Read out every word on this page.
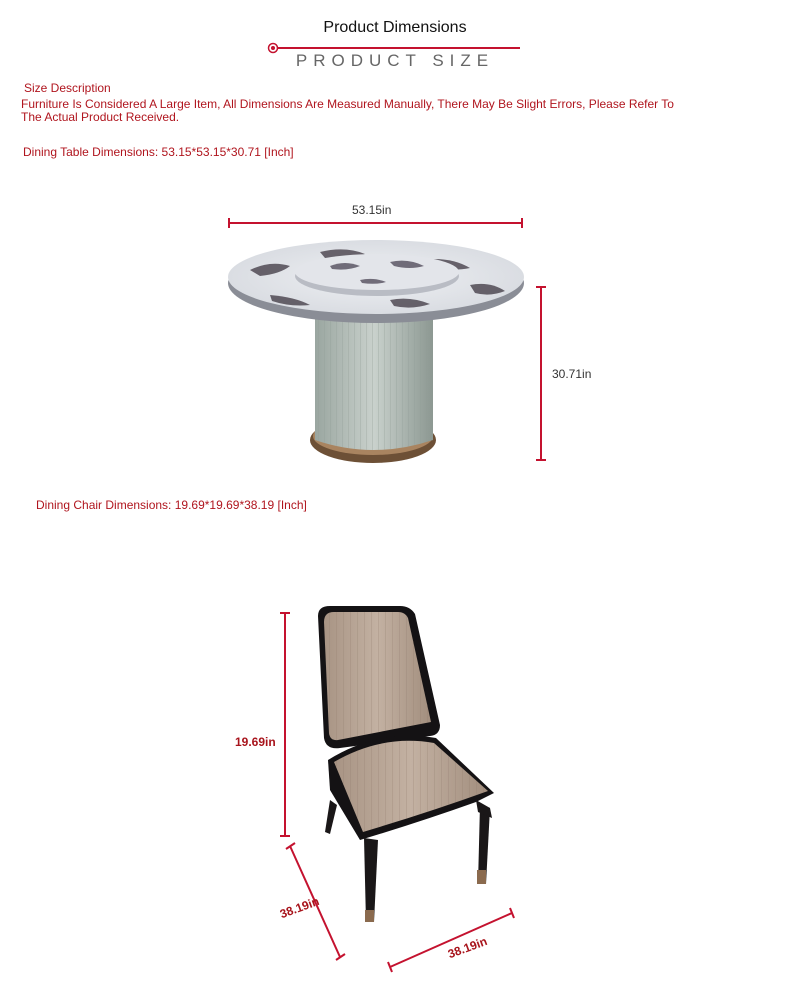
Product Dimensions
PRODUCT SIZE
Size Description
Furniture Is Considered A Large Item, All Dimensions Are Measured Manually, There May Be Slight Errors, Please Refer To
The Actual Product Received.
Dining Table Dimensions: 53.15*53.15*30.71 [Inch]
53.15in
30.71in
Dining Chair Dimensions: 19.69*19.69*38.19 [Inch]
19.69in
38.19in
38.19in
